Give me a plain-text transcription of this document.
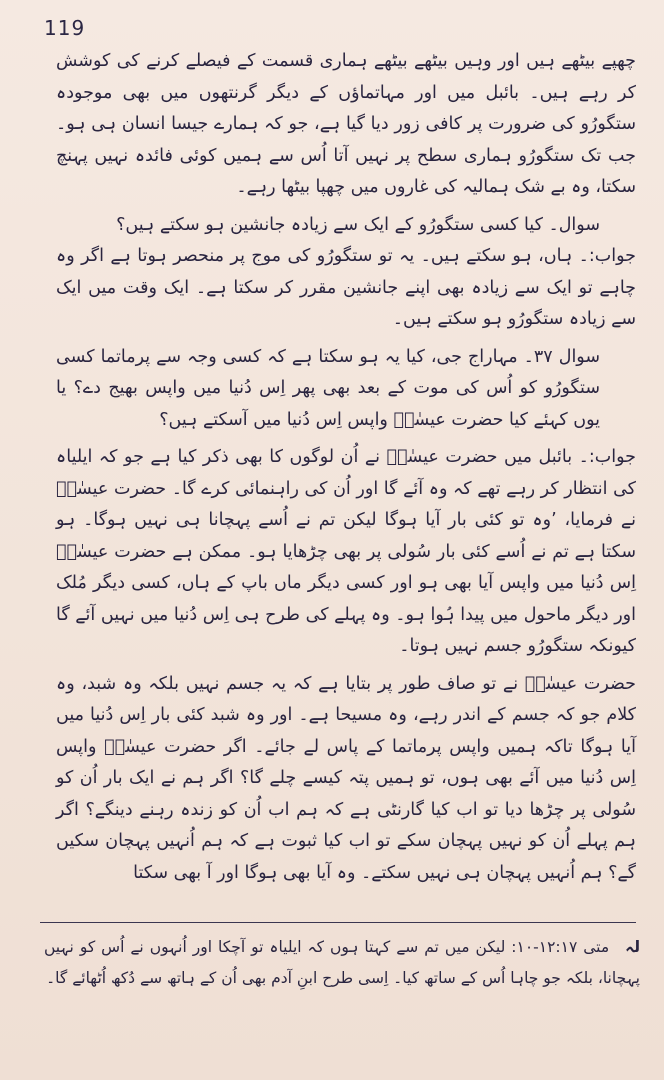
119

چھپے بیٹھے ہیں اور وہیں بیٹھے بیٹھے ہماری قسمت کے فیصلے کرنے کی کوشش کر رہے ہیں۔ بائبل میں اور مہاتماؤں کے دیگر گرنتھوں میں بھی موجودہ ستگورُو کی ضرورت پر کافی زور دیا گیا ہے، جو کہ ہمارے جیسا انسان ہی ہو۔ جب تک ستگورُو ہماری سطح پر نہیں آتا اُس سے ہمیں کوئی فائدہ نہیں پہنچ سکتا، وہ بے شک ہمالیہ کی غاروں میں چھپا بیٹھا رہے۔

سوال۔ کیا کسی ستگورُو کے ایک سے زیادہ جانشین ہو سکتے ہیں؟

جواب:۔ ہاں، ہو سکتے ہیں۔ یہ تو ستگورُو کی موج پر منحصر ہوتا ہے اگر وہ چاہے تو ایک سے زیادہ بھی اپنے جانشین مقرر کر سکتا ہے۔ ایک وقت میں ایک سے زیادہ ستگورُو ہو سکتے ہیں۔

سوال ۳۷۔ مہاراج جی، کیا یہ ہو سکتا ہے کہ کسی وجہ سے پرماتما کسی ستگورُو کو اُس کی موت کے بعد بھی پھر اِس دُنیا میں واپس بھیج دے؟ یا یوں کہئے کیا حضرت عیسٰےؑ واپس اِس دُنیا میں آسکتے ہیں؟

جواب:۔ بائبل میں حضرت عیسٰےؑ نے اُن لوگوں کا بھی ذکر کیا ہے جو کہ ایلیاہ کی انتظار کر رہے تھے کہ وہ آئے گا اور اُن کی راہنمائی کرے گا۔ حضرت عیسٰےؑ نے فرمایا، ’وہ تو کئی بار آیا ہوگا لیکن تم نے اُسے پہچانا ہی نہیں ہوگا۔ ہو سکتا ہے تم نے اُسے کئی بار سُولی پر بھی چڑھایا ہو۔ ممکن ہے حضرت عیسٰےؑ اِس دُنیا میں واپس آیا بھی ہو اور کسی دیگر ماں باپ کے ہاں، کسی دیگر مُلک اور دیگر ماحول میں پیدا ہُوا ہو۔ وہ پہلے کی طرح ہی اِس دُنیا میں نہیں آئے گا کیونکہ ستگورُو جسم نہیں ہوتا۔

حضرت عیسٰےؑ نے تو صاف طور پر بتایا ہے کہ یہ جسم نہیں بلکہ وہ شبد، وہ کلام جو کہ جسم کے اندر رہے، وہ مسیحا ہے۔ اور وہ شبد کئی بار اِس دُنیا میں آیا ہوگا تاکہ ہمیں واپس پرماتما کے پاس لے جائے۔ اگر حضرت عیسٰےؑ واپس اِس دُنیا میں آئے بھی ہوں، تو ہمیں پتہ کیسے چلے گا؟ اگر ہم نے ایک بار اُن کو سُولی پر چڑھا دیا تو اب کیا گارنٹی ہے کہ ہم اب اُن کو زندہ رہنے دینگے؟ اگر ہم پہلے اُن کو نہیں پہچان سکے تو اب کیا ثبوت ہے کہ ہم اُنہیں پہچان سکیں گے؟ ہم اُنہیں پہچان ہی نہیں سکتے۔ وہ آیا بھی ہوگا اور آ بھی سکتا

لہ متی ۱۲:۱۷-۱۰: لیکن میں تم سے کہتا ہوں کہ ایلیاہ تو آچکا اور اُنہوں نے اُس کو نہیں پہچانا، بلکہ جو چاہا اُس کے ساتھ کیا۔ اِسی طرح ابنِ آدم بھی اُن کے ہاتھ سے دُکھ اُٹھائے گا۔
